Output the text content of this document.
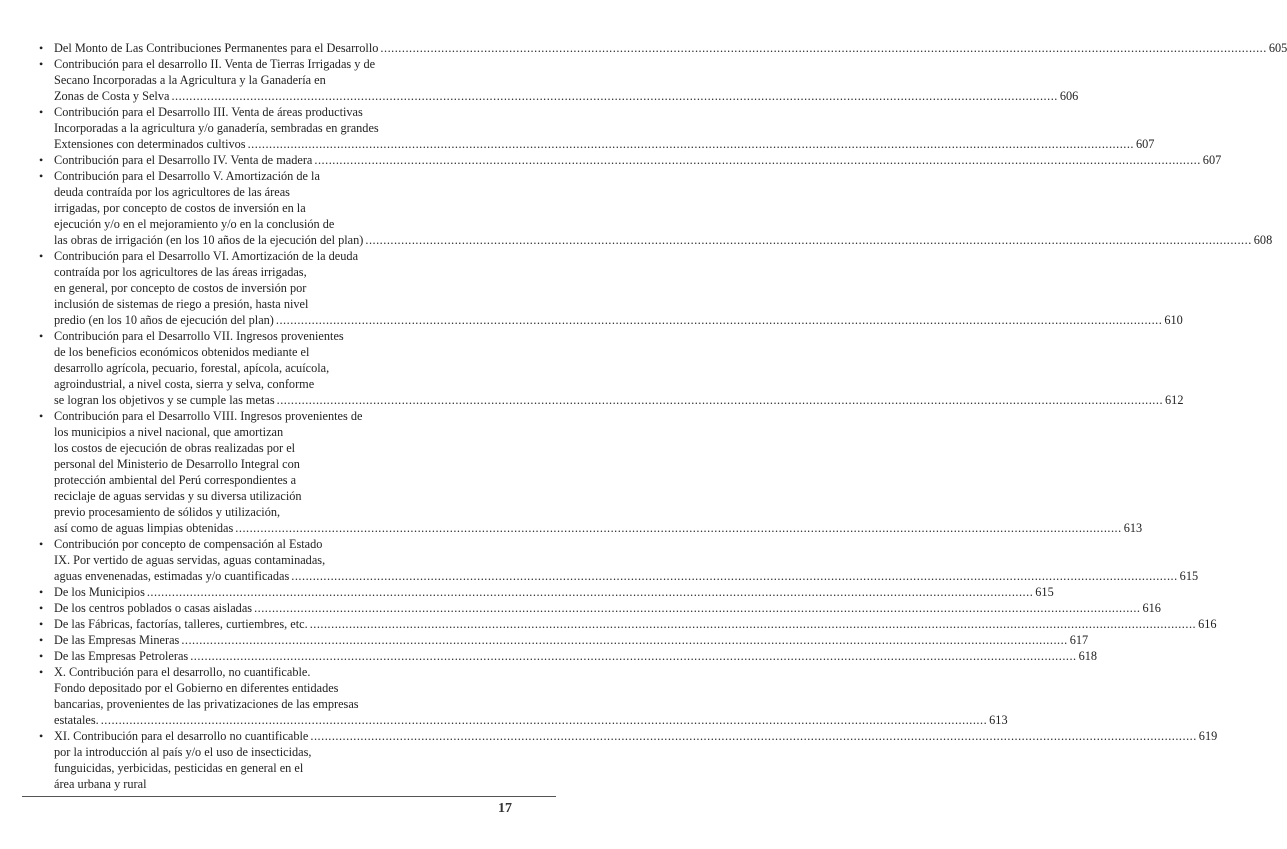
• Del Monto de Las Contribuciones Permanentes para el Desarrollo .....	605
• Contribución para el desarrollo II. Venta de Tierras Irrigadas y de
Secano Incorporadas a la Agricultura y la Ganadería en
Zonas de Costa y Selva .....	606
• Contribución para el Desarrollo III. Venta de áreas productivas
Incorporadas a la agricultura y/o ganadería, sembradas en grandes
Extensiones con determinados cultivos .....	607
• Contribución para el Desarrollo IV. Venta de madera .....	607
• Contribución para el Desarrollo V. Amortización de la
deuda contraída por los agricultores de las áreas
irrigadas, por concepto de costos de inversión en la
ejecución y/o en el mejoramiento y/o en la conclusión de
las obras de irrigación (en los 10 años de la ejecución del plan) .....	608
• Contribución para el Desarrollo VI. Amortización de la deuda
contraída por los agricultores de las áreas irrigadas,
en general, por concepto de costos de inversión por
inclusión de sistemas de riego a presión, hasta nivel
predio (en los 10 años de ejecución del plan) .....	610
• Contribución para el Desarrollo VII. Ingresos provenientes
de los beneficios económicos obtenidos mediante el
desarrollo agrícola, pecuario, forestal, apícola, acuícola,
agroindustrial, a nivel costa, sierra y selva, conforme
se logran los objetivos y se cumple las metas .....	612
• Contribución para el Desarrollo VIII. Ingresos provenientes de
los municipios a nivel nacional, que amortizan
los costos de ejecución de obras realizadas por el
personal del Ministerio de Desarrollo Integral con
protección ambiental del Perú correspondientes a
reciclaje de aguas servidas y su diversa utilización
previo procesamiento de sólidos y utilización,
así como de aguas limpias obtenidas .....	613
• Contribución por concepto de compensación al Estado
IX. Por vertido de aguas servidas, aguas contaminadas,
aguas envenenadas, estimadas y/o cuantificadas .....	615
• De los Municipios .....	615
• De los centros poblados o casas aisladas .....	616
• De las Fábricas, factorías, talleres, curtiembres, etc. .....	616
• De las Empresas Mineras .....	617
• De las Empresas Petroleras .....	618
• X. Contribución para el desarrollo, no cuantificable.
Fondo depositado por el Gobierno en diferentes entidades
bancarias, provenientes de las privatizaciones de las empresas
estatales. .....	613
• XI. Contribución para el desarrollo no cuantificable .....	619
por la introducción al país y/o el uso de insecticidas,
funguicidas, yerbicidas, pesticidas en general en el
área urbana y rural
17
